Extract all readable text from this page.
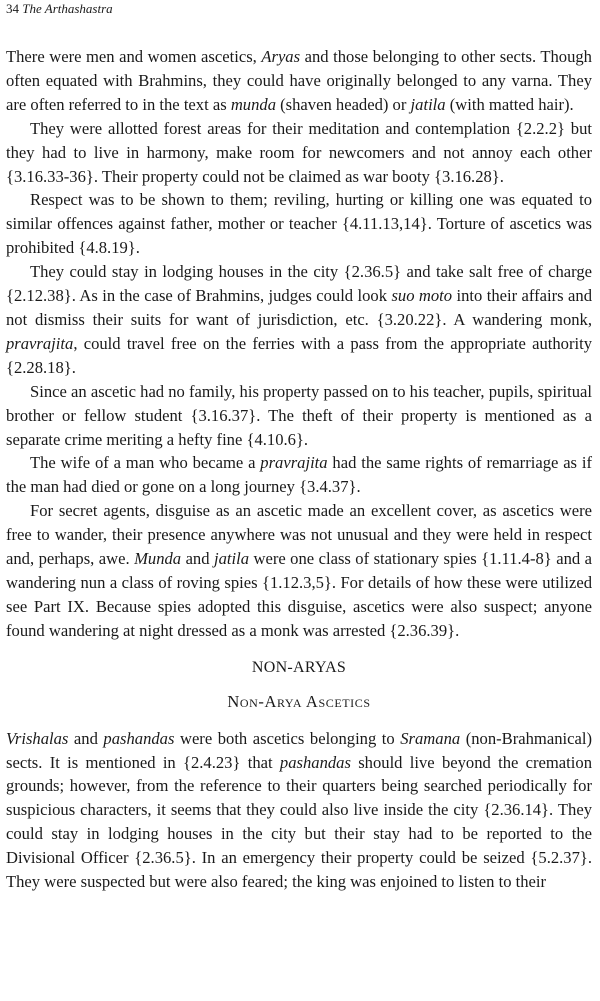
34 The Arthashastra

There were men and women ascetics, Aryas and those belonging to other sects. Though often equated with Brahmins, they could have originally belonged to any varna. They are often referred to in the text as munda (shaven headed) or jatila (with matted hair).

They were allotted forest areas for their meditation and contemplation {2.2.2} but they had to live in harmony, make room for newcomers and not annoy each other {3.16.33-36}. Their property could not be claimed as war booty {3.16.28}.

Respect was to be shown to them; reviling, hurting or killing one was equated to similar offences against father, mother or teacher {4.11.13,14}. Torture of ascetics was prohibited {4.8.19}.

They could stay in lodging houses in the city {2.36.5} and take salt free of charge {2.12.38}. As in the case of Brahmins, judges could look suo moto into their affairs and not dismiss their suits for want of jurisdiction, etc. {3.20.22}. A wandering monk, pravrajita, could travel free on the ferries with a pass from the appropriate authority {2.28.18}.

Since an ascetic had no family, his property passed on to his teacher, pupils, spiritual brother or fellow student {3.16.37}. The theft of their property is mentioned as a separate crime meriting a hefty fine {4.10.6}.

The wife of a man who became a pravrajita had the same rights of remarriage as if the man had died or gone on a long journey {3.4.37}.

For secret agents, disguise as an ascetic made an excellent cover, as ascetics were free to wander, their presence anywhere was not unusual and they were held in respect and, perhaps, awe. Munda and jatila were one class of stationary spies {1.11.4-8} and a wandering nun a class of roving spies {1.12.3,5}. For details of how these were utilized see Part IX. Because spies adopted this disguise, ascetics were also suspect; anyone found wandering at night dressed as a monk was arrested {2.36.39}.

NON-ARYAS
Non-Arya Ascetics

Vrishalas and pashandas were both ascetics belonging to Sramana (non-Brahmanical) sects. It is mentioned in {2.4.23} that pashandas should live beyond the cremation grounds; however, from the reference to their quarters being searched periodically for suspicious characters, it seems that they could also live inside the city {2.36.14}. They could stay in lodging houses in the city but their stay had to be reported to the Divisional Officer {2.36.5}. In an emergency their property could be seized {5.2.37}. They were suspected but were also feared; the king was enjoined to listen to their
